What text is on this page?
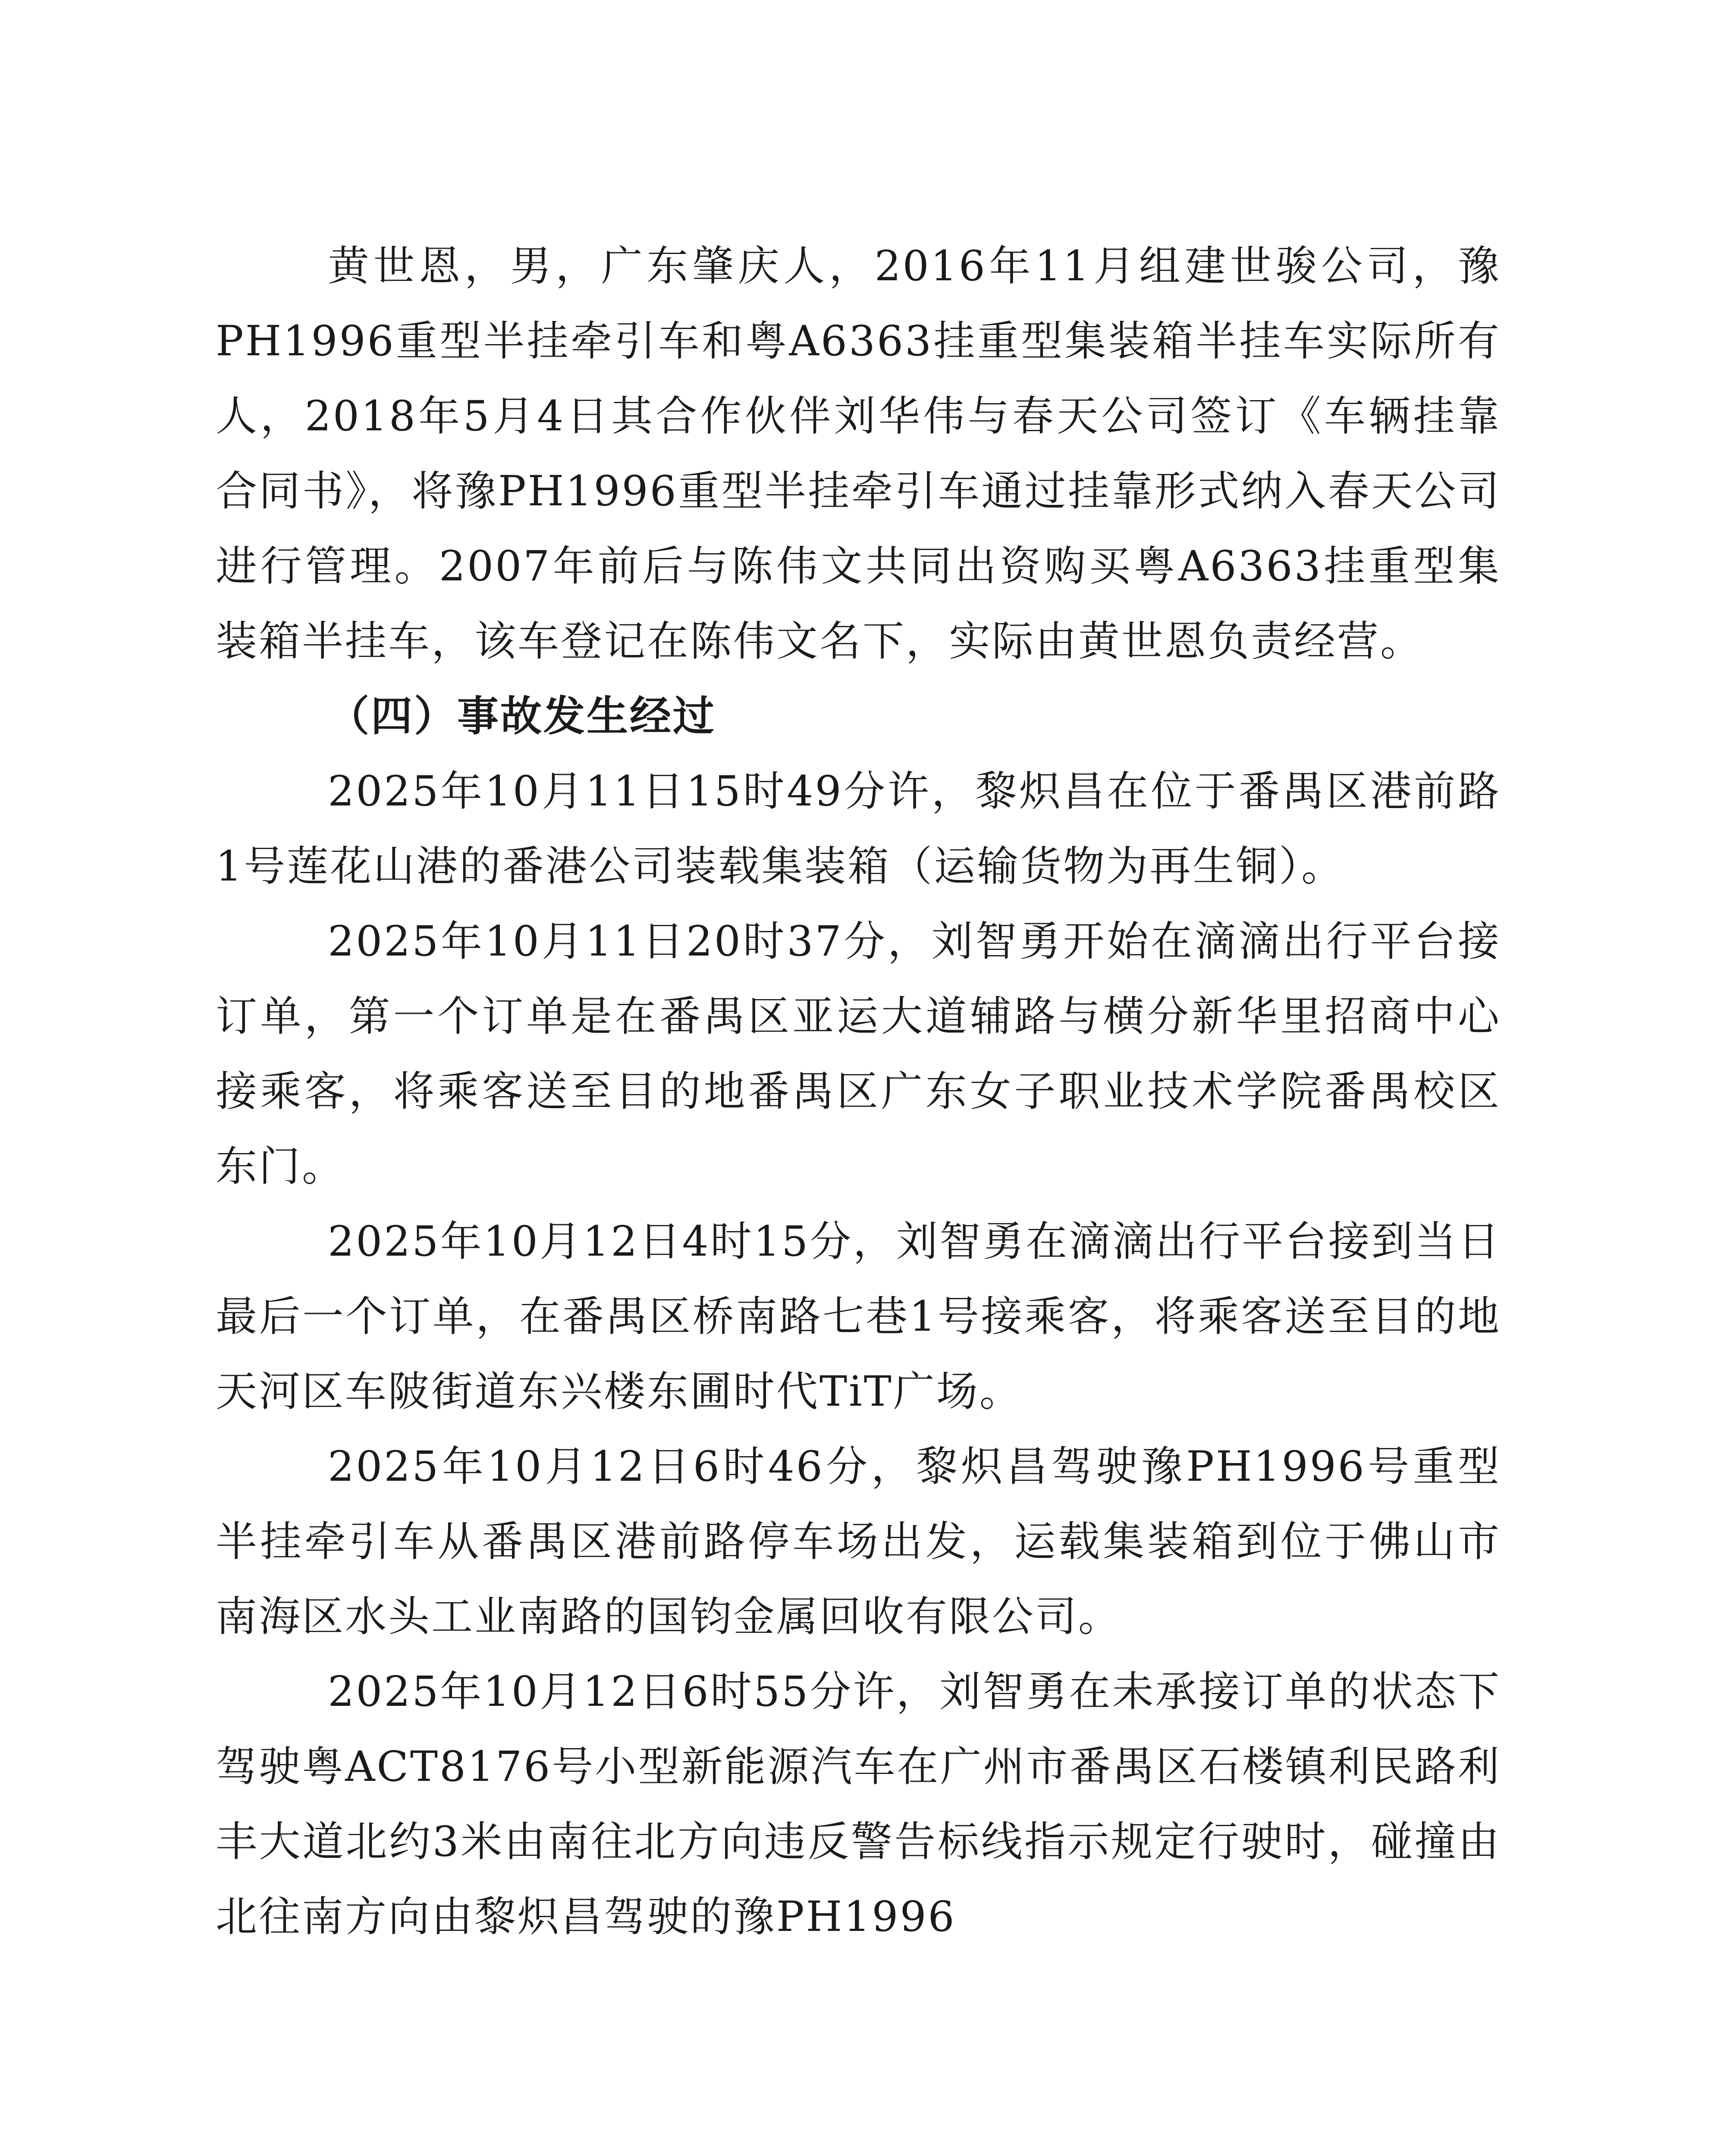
黄世恩，男，广东肇庆人，2016年11月组建世骏公司，豫PH1996重型半挂牵引车和粤A6363挂重型集装箱半挂车实际所有人，2018年5月4日其合作伙伴刘华伟与春天公司签订《车辆挂靠合同书》，将豫PH1996重型半挂牵引车通过挂靠形式纳入春天公司进行管理。2007年前后与陈伟文共同出资购买粤A6363挂重型集装箱半挂车，该车登记在陈伟文名下，实际由黄世恩负责经营。

（四）事故发生经过

2025年10月11日15时49分许，黎炽昌在位于番禺区港前路1号莲花山港的番港公司装载集装箱（运输货物为再生铜）。

2025年10月11日20时37分，刘智勇开始在滴滴出行平台接订单，第一个订单是在番禺区亚运大道辅路与横分新华里招商中心接乘客，将乘客送至目的地番禺区广东女子职业技术学院番禺校区东门。

2025年10月12日4时15分，刘智勇在滴滴出行平台接到当日最后一个订单，在番禺区桥南路七巷1号接乘客，将乘客送至目的地天河区车陂街道东兴楼东圃时代TiT广场。

2025年10月12日6时46分，黎炽昌驾驶豫PH1996号重型半挂牵引车从番禺区港前路停车场出发，运载集装箱到位于佛山市南海区水头工业南路的国钧金属回收有限公司。

2025年10月12日6时55分许，刘智勇在未承接订单的状态下驾驶粤ACT8176号小型新能源汽车在广州市番禺区石楼镇利民路利丰大道北约3米由南往北方向违反警告标线指示规定行驶时，碰撞由北往南方向由黎炽昌驾驶的豫PH1996
